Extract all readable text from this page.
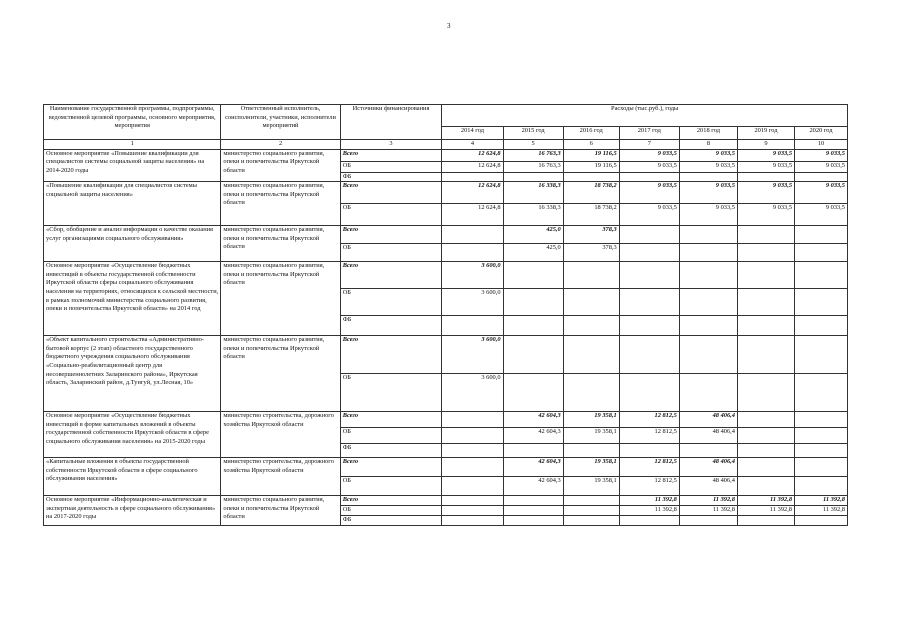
3
Наименование государственной программы, подпрограммы, ведомственной целевой программы, основного мероприятия, мероприятия	Ответственный исполнитель, соисполнители, участники, исполнители мероприятий	Источники финансирования	Расходы (тыс.руб.), годы						
			2014 год	2015 год	2016 год	2017 год	2018 год	2019 год	2020 год
1	2	3	4	5	6	7	8	9	10
Основное мероприятие «Повышение квалификации для специалистов системы социальной защиты населения» на 2014-2020 годы	министерство социального развития, опеки и попечительства Иркутской области	Всего	12 624,8	16 763,3	19 116,5	9 033,5	9 033,5	9 033,5	9 033,5
		ОБ	12 624,8	16 763,3	19 116,5	9 033,5	9 033,5	9 033,5	9 033,5
		ФБ							
«Повышение квалификации для специалистов системы социальной защиты населения»	министерство социального развития, опеки и попечительства Иркутской области	Всего	12 624,8	16 338,3	18 738,2	9 033,5	9 033,5	9 033,5	9 033,5
		ОБ	12 624,8	16 338,3	18 738,2	9 033,5	9 033,5	9 033,5	9 033,5
«Сбор, обобщение и анализ информации о качестве оказания услуг организациями социального обслуживания»	министерство социального развития, опеки и попечительства Иркутской области	Всего		425,0	378,3				
		ОБ		425,0	378,3				
Основное мероприятие «Осуществление бюджетных инвестиций в объекты государственной собственности Иркутской области сферы социального обслуживания населения на территориях, относящихся к сельской местности, в рамках полномочий министерства социального развития, опеки и попечительства Иркутской области» на 2014 год	министерство социального развития, опеки и попечительства Иркутской области	Всего	3 600,0						
		ОБ	3 600,0						
		ФБ							
«Объект капитального строительства «Административно-бытовой корпус (2 этап) областного государственного бюджетного учреждения социального обслуживания «Социально-реабилитационный центр для несовершеннолетних Заларинского района», Иркутская область, Заларинский район, д.Тунгуй, ул.Лесная, 10»	министерство социального развития, опеки и попечительства Иркутской области	Всего	3 600,0						
		ОБ	3 600,0						
Основное мероприятие «Осуществление бюджетных инвестиций в форме капитальных вложений в объекты государственной собственности Иркутской области в сфере социального обслуживания населения» на 2015-2020 годы	министерство строительства, дорожного хозяйства Иркутской области	Всего		42 604,3	19 358,1	12 812,5	48 406,4		
		ОБ		42 604,3	19 358,1	12 812,5	48 406,4		
		ФБ							
«Капитальные вложения в объекты государственной собственности Иркутской области в сфере социального обслуживания населения»	министерство строительства, дорожного хозяйства Иркутской области	Всего		42 604,3	19 358,1	12 812,5	48 406,4		
		ОБ		42 604,3	19 358,1	12 812,5	48 406,4		
Основное мероприятие «Информационно-аналитическая и экспертная деятельность в сфере социального обслуживания» на 2017-2020 годы	министерство социального развития, опеки и попечительства Иркутской области	Всего				11 392,8	11 392,8	11 392,8	11 392,8
		ОБ				11 392,8	11 392,8	11 392,8	11 392,8
		ФБ							
